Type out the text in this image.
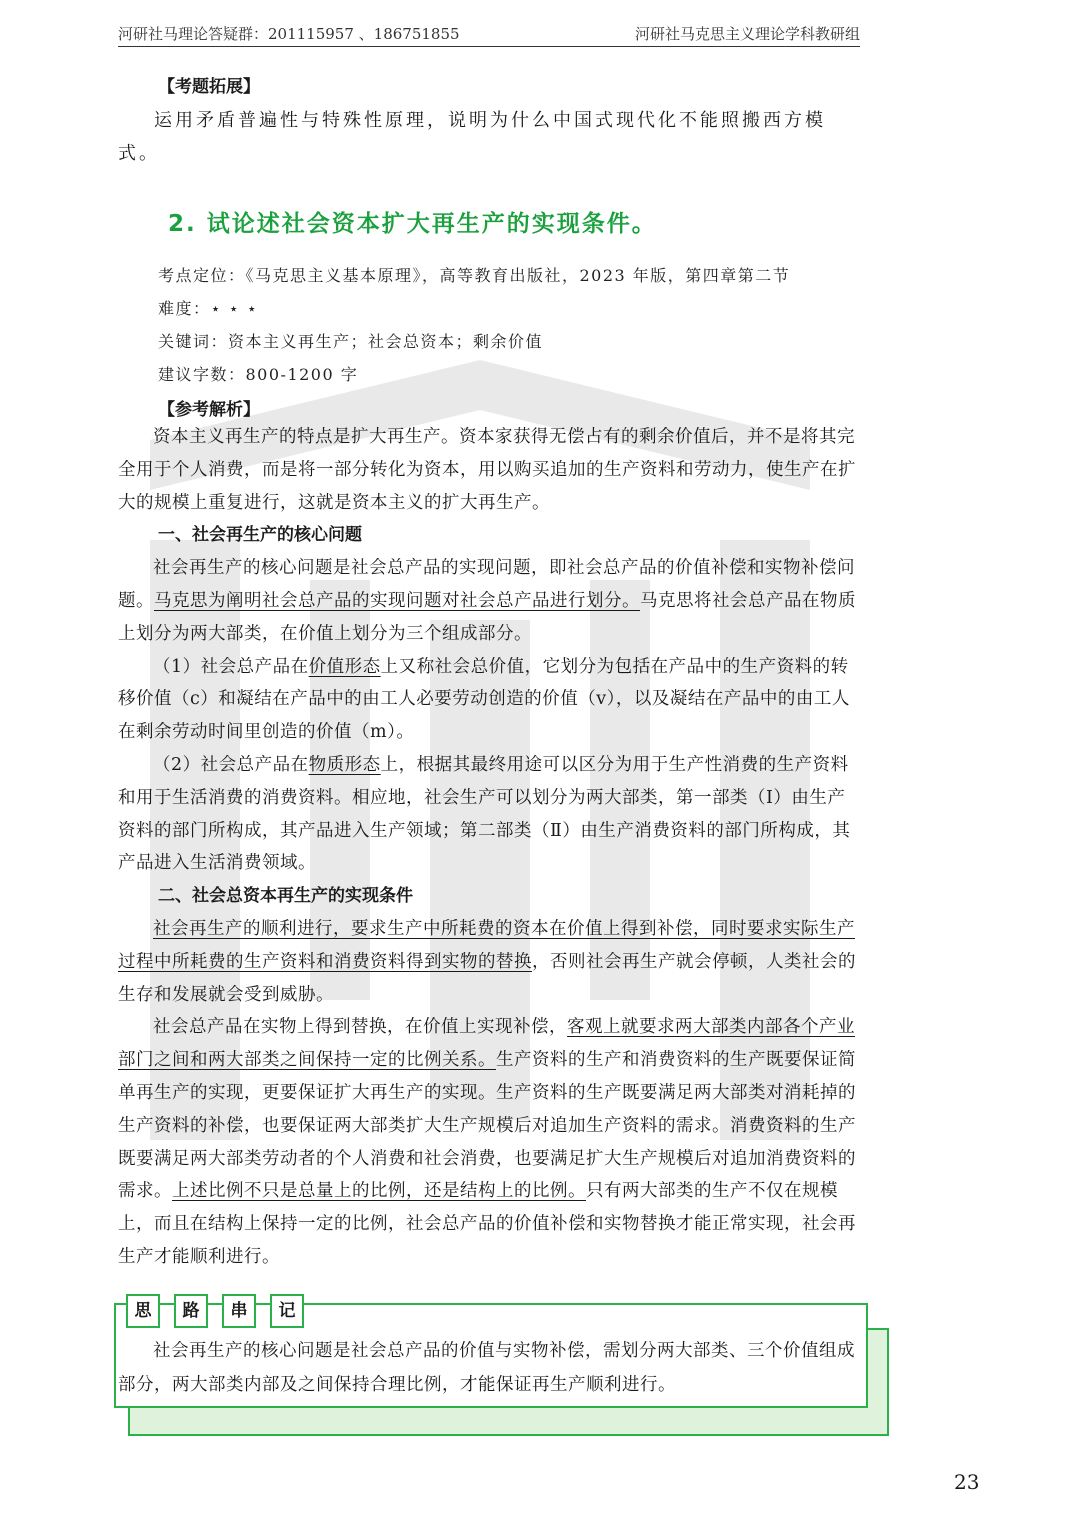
河研社马理论答疑群：201115957 、186751855	河研社马克思主义理论学科教研组
【考题拓展】

运用矛盾普遍性与特殊性原理，说明为什么中国式现代化不能照搬西方模式。

2. 试论述社会资本扩大再生产的实现条件。
考点定位：《马克思主义基本原理》，高等教育出版社，2023 年版，第四章第二节
难度：⋆ ⋆ ⋆
关键词：资本主义再生产；社会总资本；剩余价值
建议字数：800-1200 字
【参考解析】

资本主义再生产的特点是扩大再生产。资本家获得无偿占有的剩余价值后，并不是将其完全用于个人消费，而是将一部分转化为资本，用以购买追加的生产资料和劳动力，使生产在扩大的规模上重复进行，这就是资本主义的扩大再生产。

一、社会再生产的核心问题

社会再生产的核心问题是社会总产品的实现问题，即社会总产品的价值补偿和实物补偿问题。马克思为阐明社会总产品的实现问题对社会总产品进行划分。马克思将社会总产品在物质上划分为两大部类，在价值上划分为三个组成部分。

（1）社会总产品在价值形态上又称社会总价值，它划分为包括在产品中的生产资料的转移价值（c）和凝结在产品中的由工人必要劳动创造的价值（v），以及凝结在产品中的由工人在剩余劳动时间里创造的价值（m）。

（2）社会总产品在物质形态上，根据其最终用途可以区分为用于生产性消费的生产资料和用于生活消费的消费资料。相应地，社会生产可以划分为两大部类，第一部类（Ⅰ）由生产资料的部门所构成，其产品进入生产领域；第二部类（Ⅱ）由生产消费资料的部门所构成，其产品进入生活消费领域。

二、社会总资本再生产的实现条件

社会再生产的顺利进行，要求生产中所耗费的资本在价值上得到补偿，同时要求实际生产过程中所耗费的生产资料和消费资料得到实物的替换，否则社会再生产就会停顿，人类社会的生存和发展就会受到威胁。

社会总产品在实物上得到替换，在价值上实现补偿，客观上就要求两大部类内部各个产业部门之间和两大部类之间保持一定的比例关系。生产资料的生产和消费资料的生产既要保证简单再生产的实现，更要保证扩大再生产的实现。生产资料的生产既要满足两大部类对消耗掉的生产资料的补偿，也要保证两大部类扩大生产规模后对追加生产资料的需求。消费资料的生产既要满足两大部类劳动者的个人消费和社会消费，也要满足扩大生产规模后对追加消费资料的需求。上述比例不只是总量上的比例，还是结构上的比例。只有两大部类的生产不仅在规模上，而且在结构上保持一定的比例，社会总产品的价值补偿和实物替换才能正常实现，社会再生产才能顺利进行。

思	路	串	记

社会再生产的核心问题是社会总产品的价值与实物补偿，需划分两大部类、三个价值组成部分，两大部类内部及之间保持合理比例，才能保证再生产顺利进行。

23
